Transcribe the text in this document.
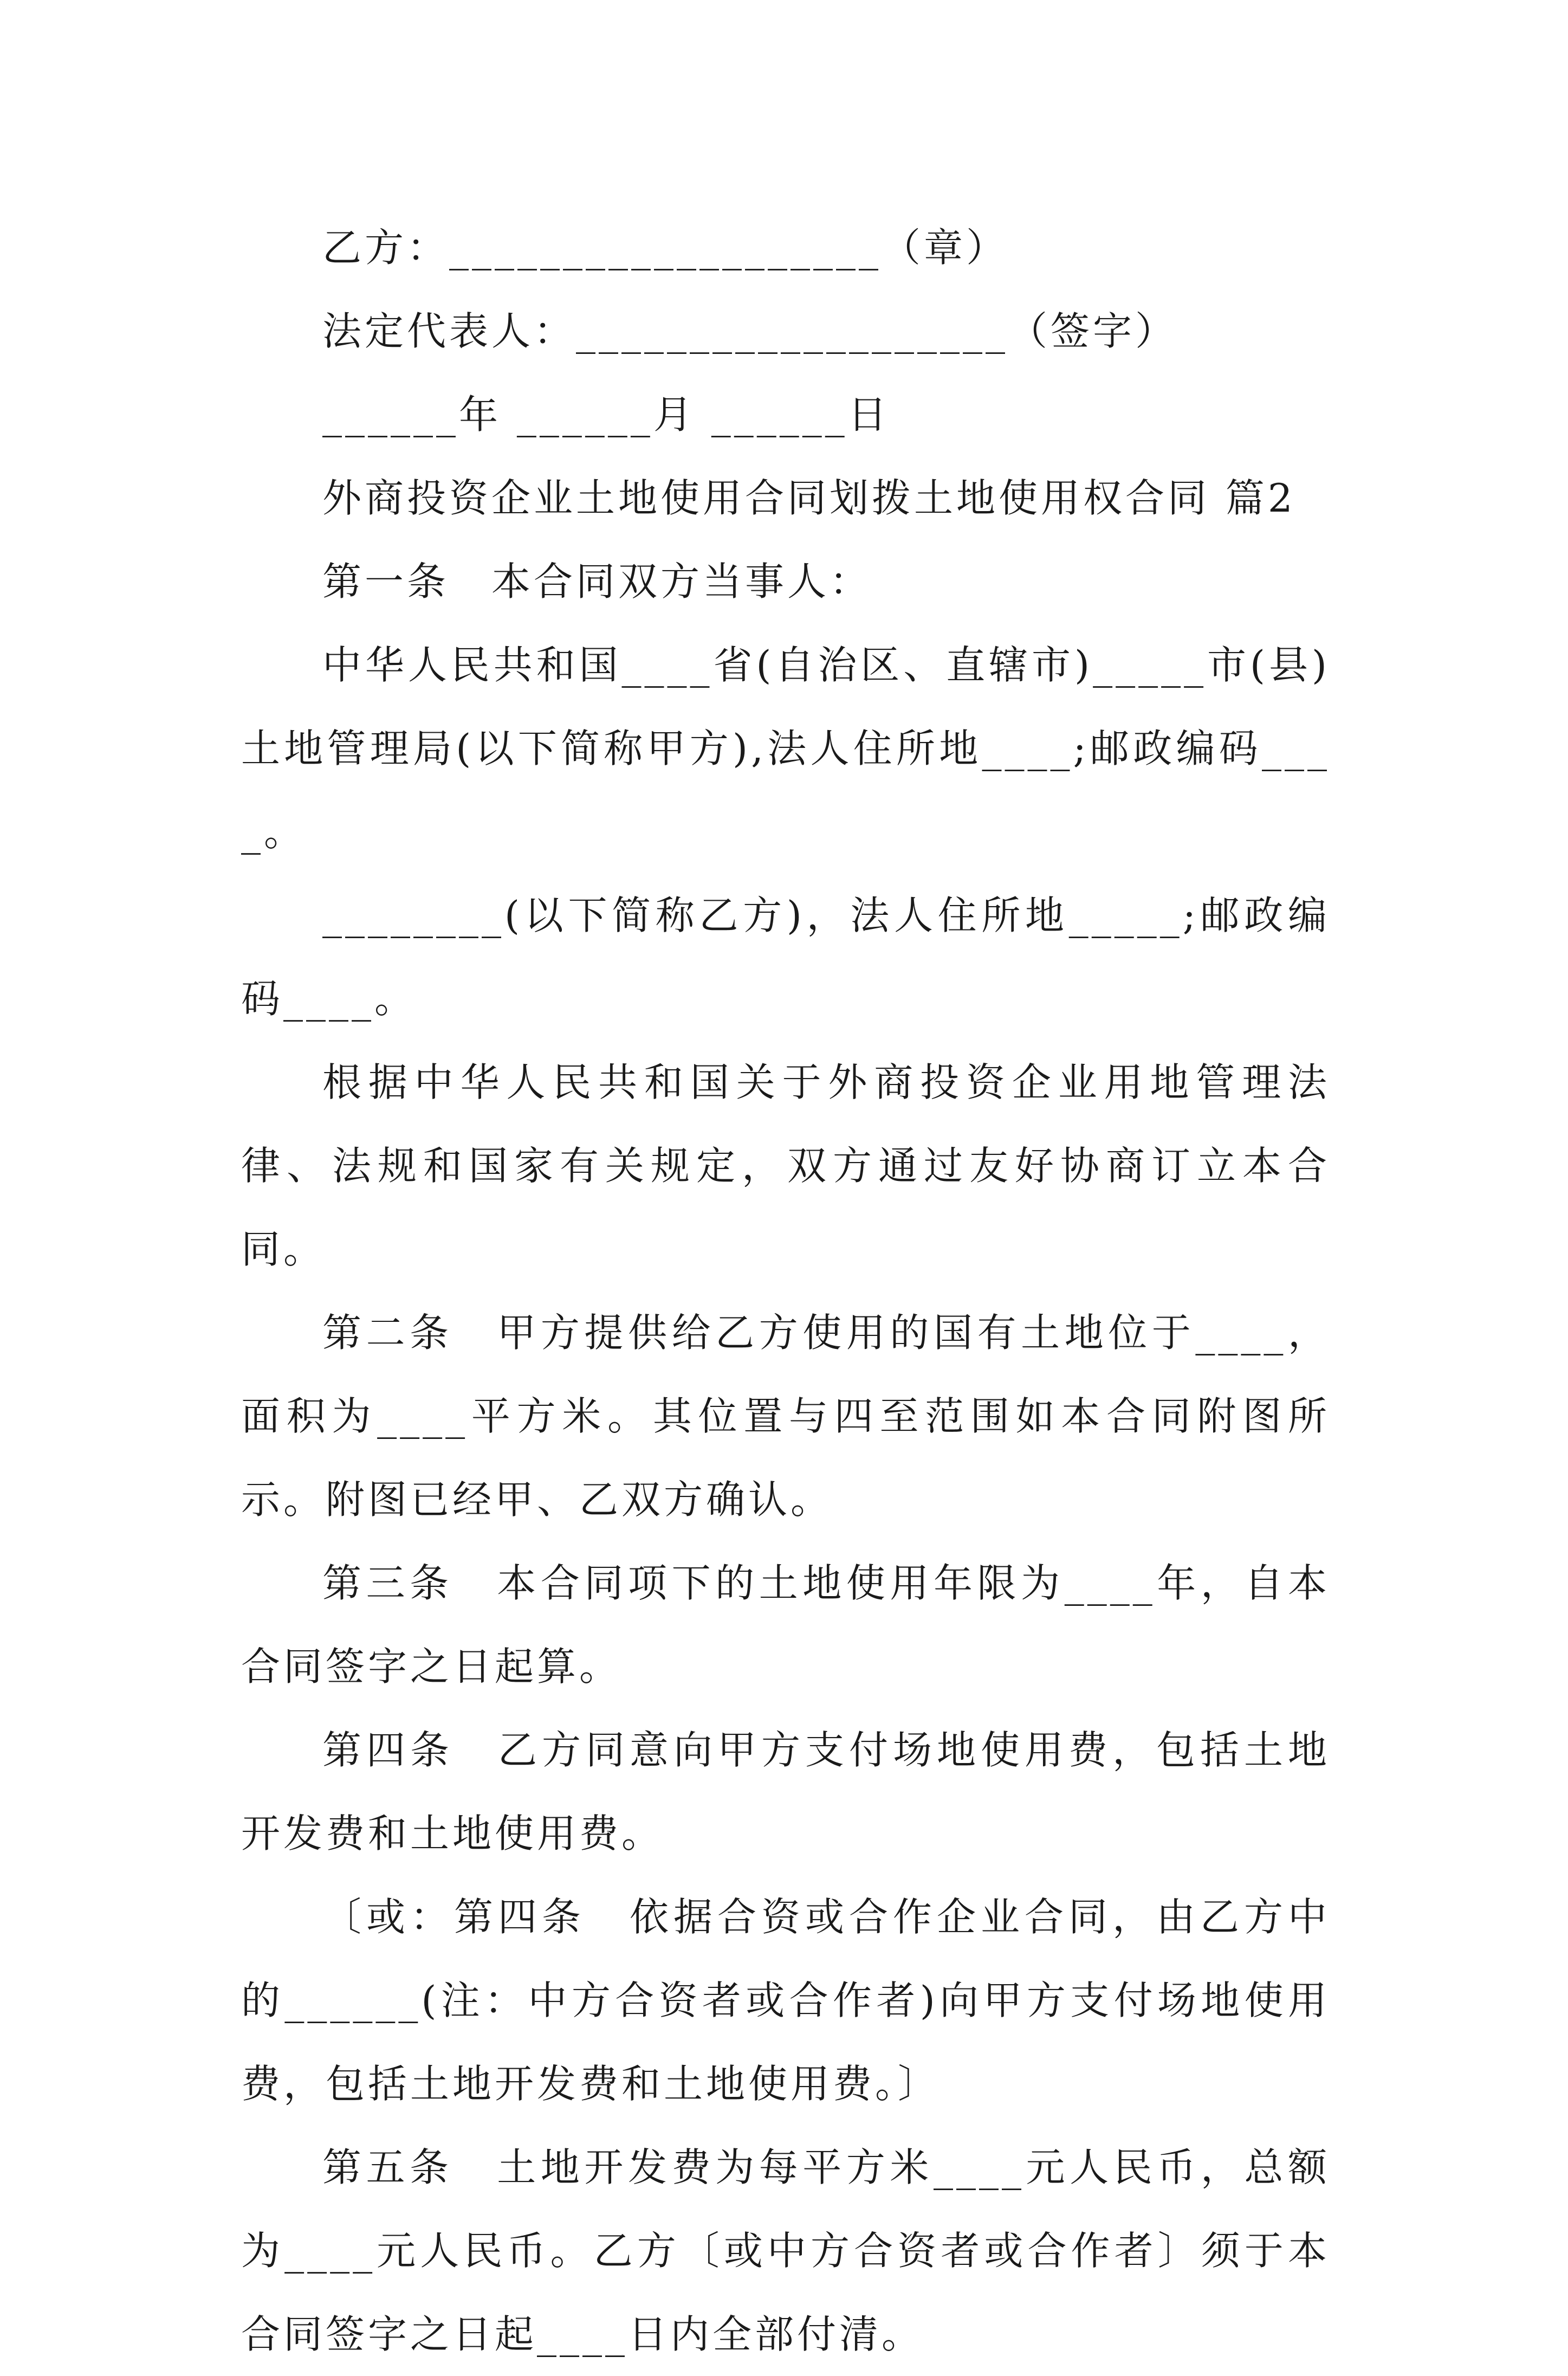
乙方：___________________（章）
法定代表人：___________________（签字）
______年 ______月 ______日
外商投资企业土地使用合同划拨土地使用权合同 篇2

第一条　本合同双方当事人：

中华人民共和国____省(自治区、直辖市)_____市(县)土地管理局(以下简称甲方),法人住所地____;邮政编码____。

________(以下简称乙方)，法人住所地_____;邮政编码____。

根据中华人民共和国关于外商投资企业用地管理法律、法规和国家有关规定，双方通过友好协商订立本合同。

第二条　甲方提供给乙方使用的国有土地位于____，面积为____平方米。其位置与四至范围如本合同附图所示。附图已经甲、乙双方确认。

第三条　本合同项下的土地使用年限为____年，自本合同签字之日起算。

第四条　乙方同意向甲方支付场地使用费，包括土地开发费和土地使用费。

〔或：第四条　依据合资或合作企业合同，由乙方中的______(注：中方合资者或合作者)向甲方支付场地使用费，包括土地开发费和土地使用费。〕

第五条　土地开发费为每平方米____元人民币，总额为____元人民币。乙方〔或中方合资者或合作者〕须于本合同签字之日起____日内全部付清。
